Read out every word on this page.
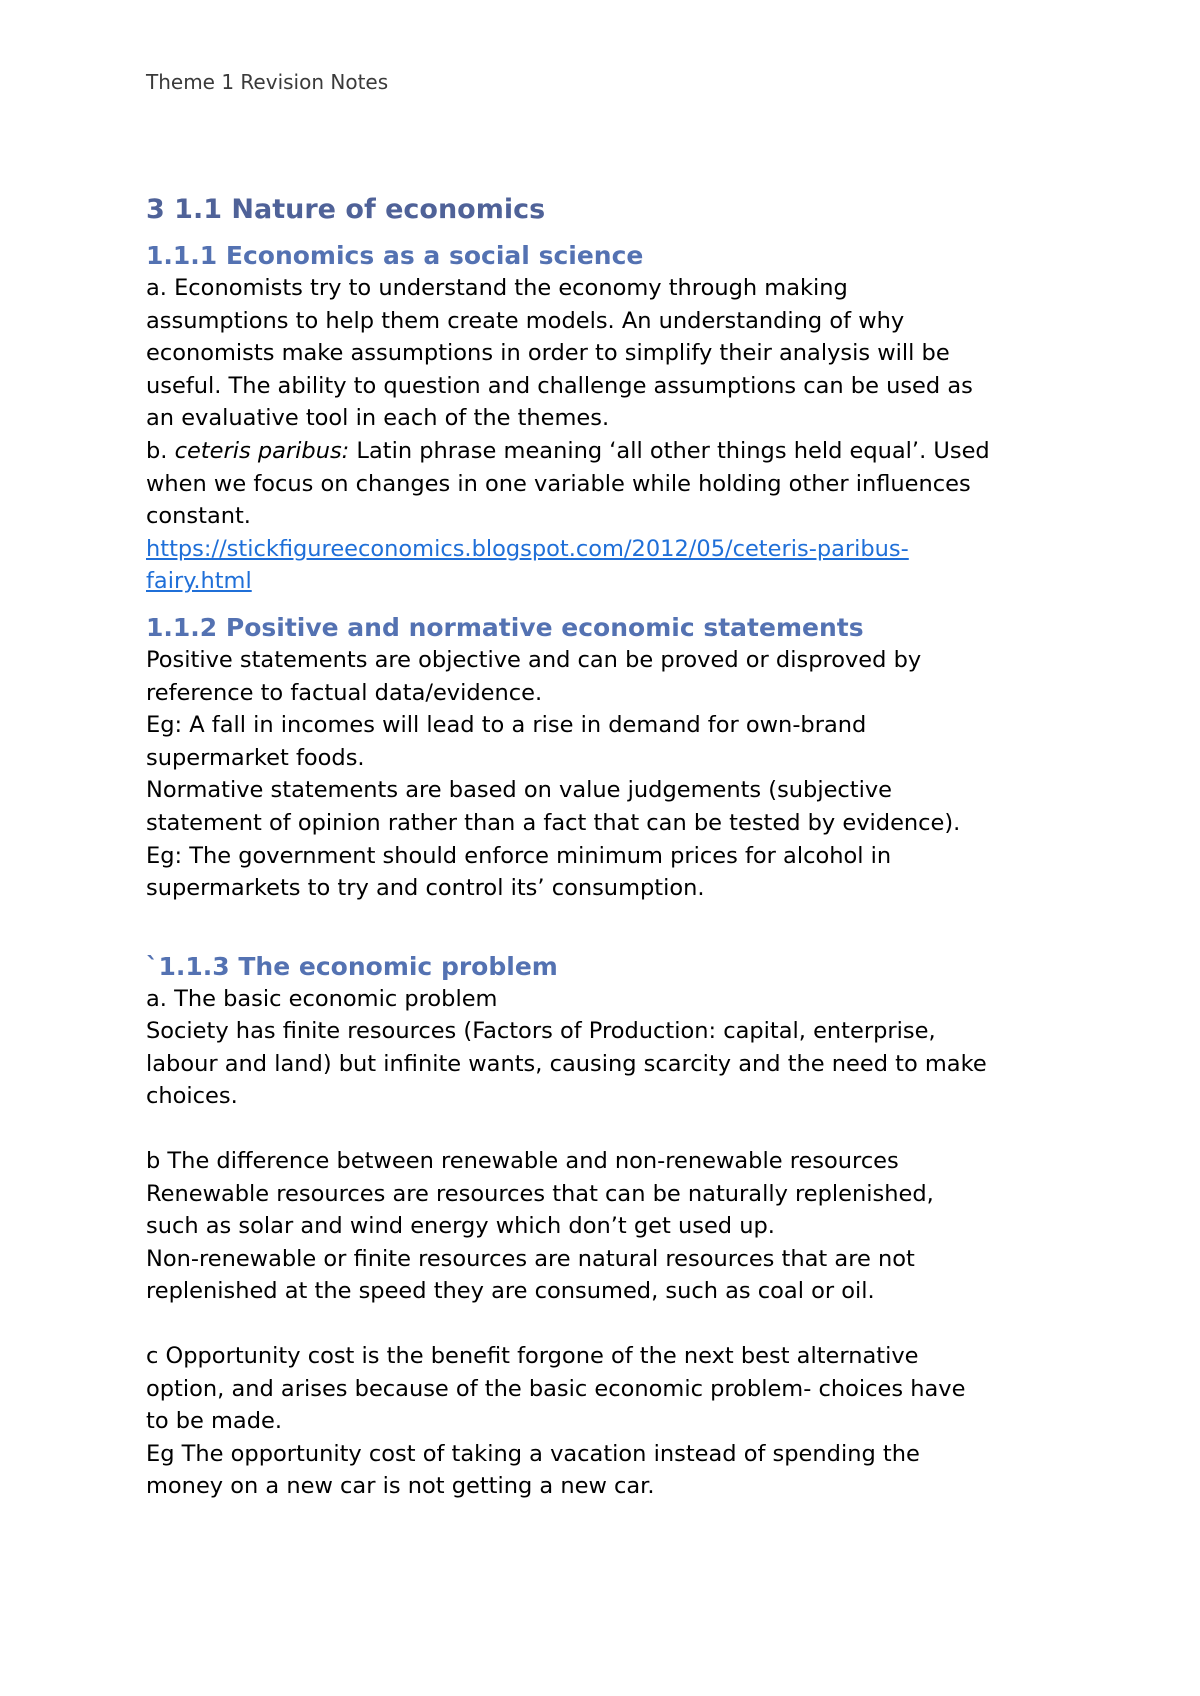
Theme 1 Revision Notes
3 1.1 Nature of economics
1.1.1 Economics as a social science

a. Economists try to understand the economy through making

assumptions to help them create models. An understanding of why

economists make assumptions in order to simplify their analysis will be

useful. The ability to question and challenge assumptions can be used as

an evaluative tool in each of the themes.

b. ceteris paribus: Latin phrase meaning ‘all other things held equal’. Used

when we focus on changes in one variable while holding other influences

constant.

https://stickfigureeconomics.blogspot.com/2012/05/ceteris-paribus-

fairy.html

1.1.2 Positive and normative economic statements

Positive statements are objective and can be proved or disproved by

reference to factual data/evidence.

Eg: A fall in incomes will lead to a rise in demand for own-brand

supermarket foods.

Normative statements are based on value judgements (subjective

statement of opinion rather than a fact that can be tested by evidence).

Eg: The government should enforce minimum prices for alcohol in

supermarkets to try and control its’ consumption.

`1.1.3 The economic problem

a. The basic economic problem

Society has finite resources (Factors of Production: capital, enterprise,

labour and land) but infinite wants, causing scarcity and the need to make

choices.

b The difference between renewable and non-renewable resources

Renewable resources are resources that can be naturally replenished,

such as solar and wind energy which don’t get used up.

Non-renewable or finite resources are natural resources that are not

replenished at the speed they are consumed, such as coal or oil.

c Opportunity cost is the benefit forgone of the next best alternative

option, and arises because of the basic economic problem- choices have

to be made.

Eg The opportunity cost of taking a vacation instead of spending the

money on a new car is not getting a new car.
